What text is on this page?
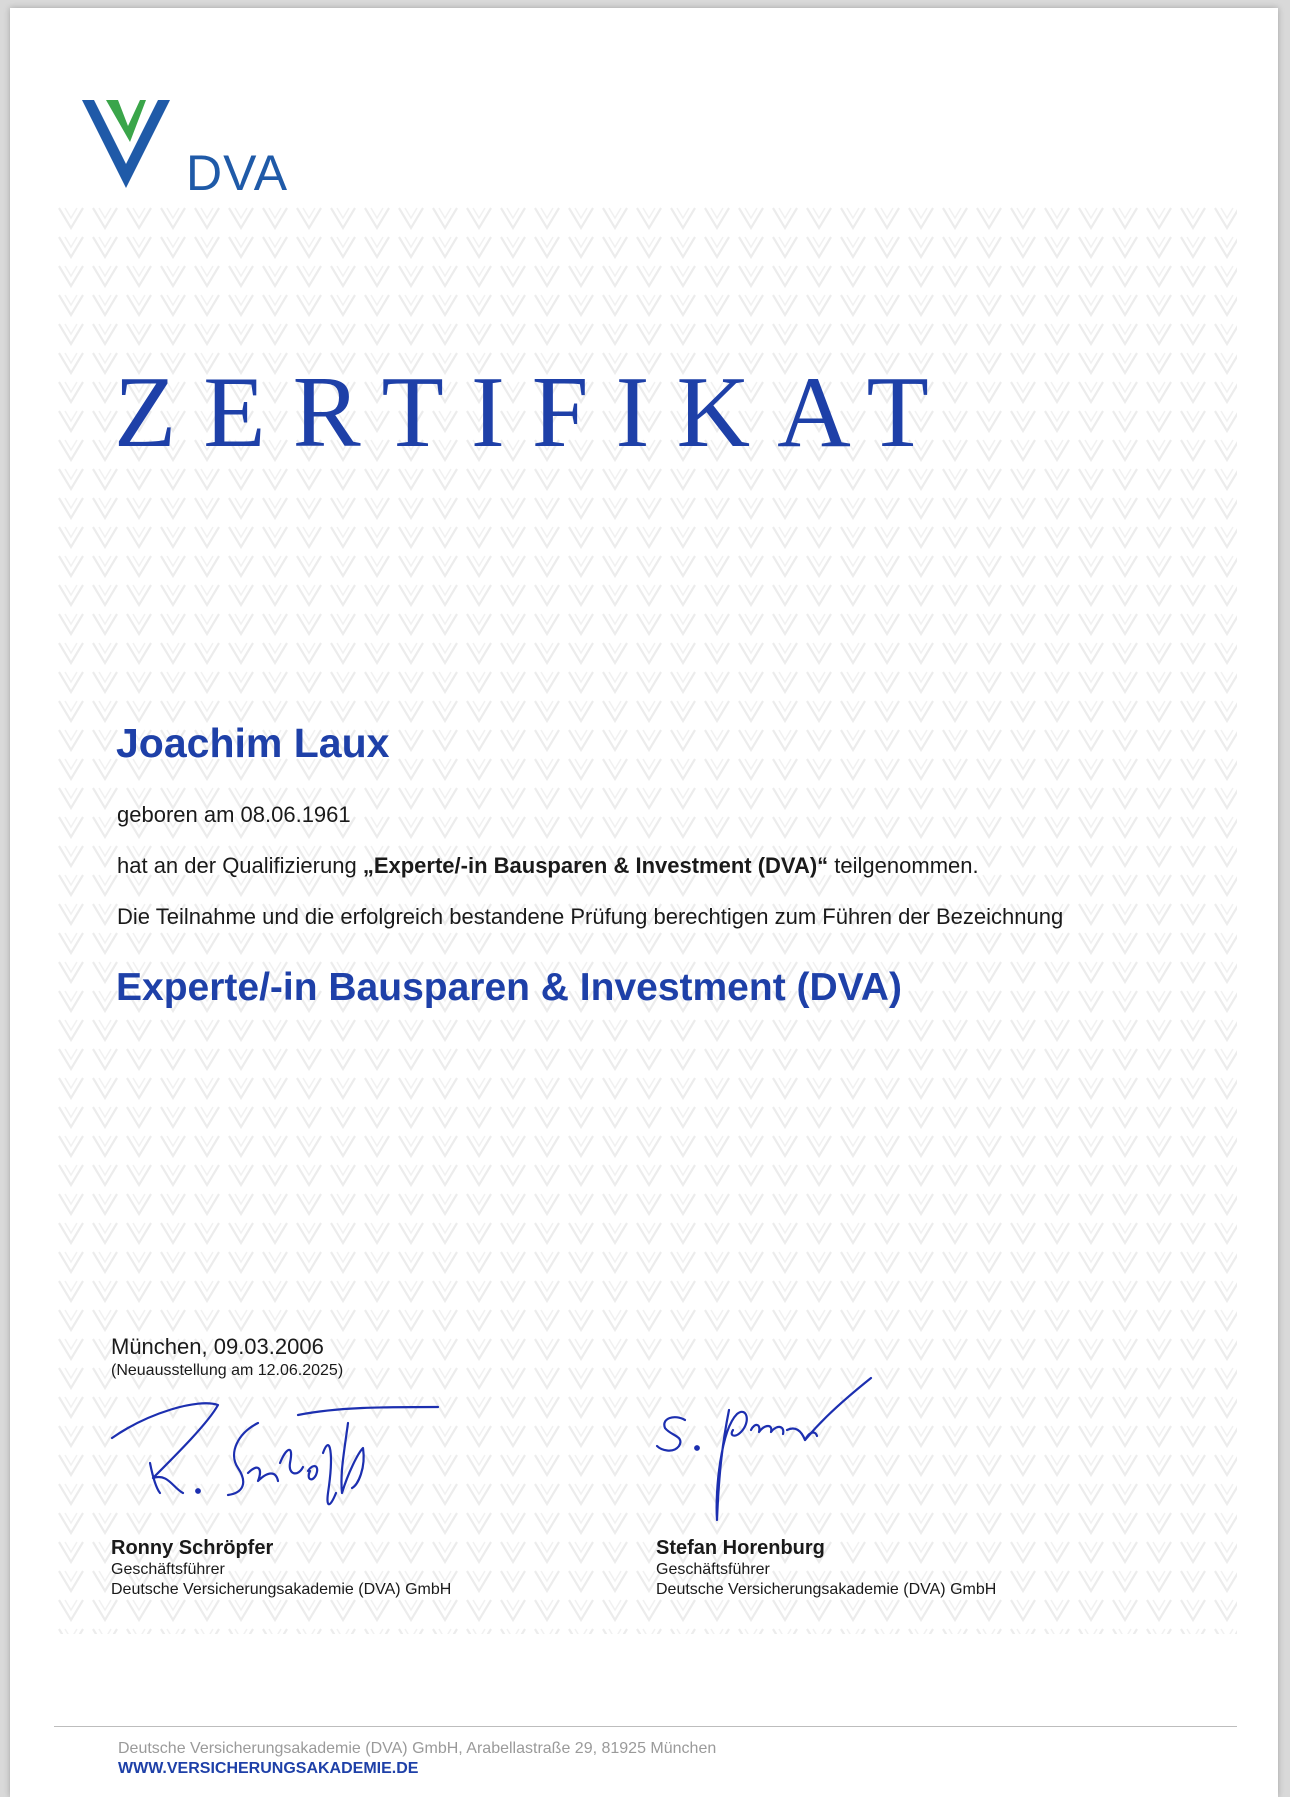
DVA
ZERTIFIKAT
Joachim Laux
geboren am 08.06.1961
hat an der Qualifizierung „Experte/-in Bausparen & Investment (DVA)“ teilgenommen.
Die Teilnahme und die erfolgreich bestandene Prüfung berechtigen zum Führen der Bezeichnung
Experte/-in Bausparen & Investment (DVA)
München, 09.03.2006
(Neuausstellung am 12.06.2025)
Ronny Schröpfer
Geschäftsführer
Deutsche Versicherungsakademie (DVA) GmbH
Stefan Horenburg
Geschäftsführer
Deutsche Versicherungsakademie (DVA) GmbH
Deutsche Versicherungsakademie (DVA) GmbH, Arabellastraße 29, 81925 München
WWW.VERSICHERUNGSAKADEMIE.DE
